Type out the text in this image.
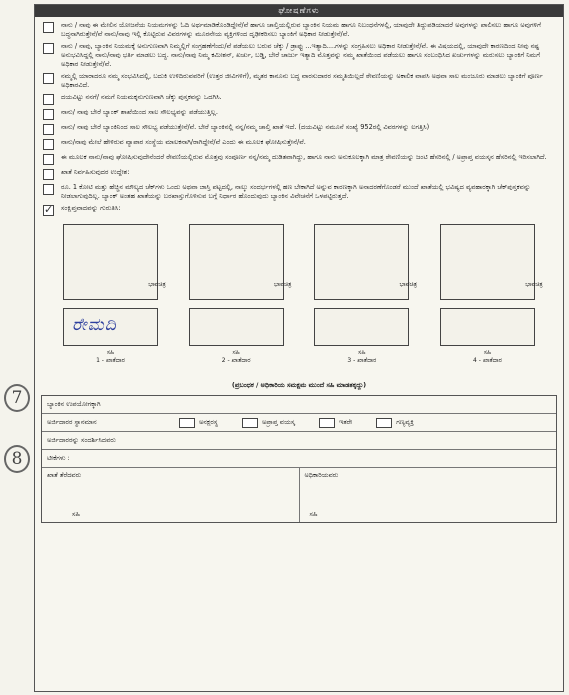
7
8
ಘೋಷಣೆಗಳು
ನಾನು / ನಾವು ಈ ಮೇಲಿನ ಯೋಜನೆಯ ನಿಯಮಗಳನ್ನು ಓದಿ ಅರ್ಥಮಾಡಿಕೊಂಡಿದ್ದೇನೆ/ವೆ ಹಾಗೂ ಚಾಲ್ತಿಯಲ್ಲಿರುವ ಬ್ಯಾಂಕಿನ ನಿಯಮ ಹಾಗೂ ನಿಬಂಧನೆಗಳಲ್ಲಿ, ಯಾವುದೇ ತಿದ್ದುಪಡಿಯಾದರೆ ಅವುಗಳನ್ನು ಪಾಲಿಸಲು ಹಾಗೂ ಅವುಗಳಿಗೆ ಬದ್ಧನಾಗಿರುತ್ತೇನೆ/ವೆ ನಾನು/ನಾವು ಇಲ್ಲಿ ಕೊಟ್ಟಿರುವ ವಿವರಗಳನ್ನು ಮೂರನೇಯ ವ್ಯಕ್ತಿಗಳಿಂದ ದೃಢೀಕರಿಸಲು ಬ್ಯಾಂಕಿಗೆ ಅಧಿಕಾರ ನೀಡುತ್ತೇನೆ/ವೆ.
ನಾನು / ನಾವು, ಬ್ಯಾಂಕಿನ ನಿಯಮಕ್ಕೆ ಅನುಗುಣವಾಗಿ ನಿಮ್ಮಲ್ಲಿಗೆ ಸಂಗ್ರಹಣೆಗೆಂದು/ವೆ ಪಡೆಯಲು ಬರುವ ಚೆಕ್ಕು / ಡ್ರಾಫ್ಟು ...ಇತ್ಯಾದಿ....ಗಳನ್ನು ಸಂಗ್ರಹಿಸಲು ಅಧಿಕಾರ ನೀಡುತ್ತೇನೆ/ವೆ. ಈ ವಿಷಯದಲ್ಲಿ, ಯಾವುದೇ ಕಾರಣದಿಂದ ನೀವು ನಷ್ಟ ಅನುಭವಿಸಿದ್ದಲ್ಲಿ ನಾನು/ನಾವು ಭರ್ತಿ ಮಾಡಲು ಬದ್ಧ. ನಾನು/ನಾವು ನಿಮ್ಮ ಕಮೀಶನ್, ಖರ್ಚು, ಬಡ್ಡಿ, ಬೇರೆ ಚಾರ್ಜು ಇತ್ಯಾದಿ ಮೊತ್ತವನ್ನು ನಮ್ಮ ಖಾತೆಯಿಂದ ಪಡೆಯಲು ಹಾಗೂ ಸಂಬಂಧಿಸಿದ ಖರ್ಚುಗಳನ್ನು ಮರುಸಲು ಬ್ಯಾಂಕಿಗೆ ನಿಮಗೆ ಅಧಿಕಾರ ನೀಡುತ್ತೇನೆ/ವೆ.
ನಮ್ಮಲ್ಲಿ ಯಾರಾದರೂ ನಮ್ಮ ಸಂಭವಿಸಿದಲ್ಲಿ, ಬದುಕಿ ಉಳಿದಿರುವವರಿಗೆ (ಉತ್ತರ ಜೀವಿಗಳಿಗೆ), ಮೃತರ ಕಾನೂನು ಬದ್ಧ ವಾರಸುದಾರರ ಸಮ್ಮತಿಯಿಲ್ಲದೆ ಠೇವಣಿಯನ್ನು ಅಕಾಲಿಕ ವಾಪಸಿ ಅಥವಾ ಸಾಲ ಮಂಜೂರು ಮಾಡಲು ಬ್ಯಾಂಕಿಗೆ ಪೂರ್ಣ ಅಧಿಕಾರವಿದೆ.
ದಯವಿಟ್ಟು ನನಗೆ/ ನಮಗೆ ನಿಯಮಕ್ಕನುಗುಣವಾಗಿ ಚೆಕ್ಕು ಪುಸ್ತಕವನ್ನು ಒದಗಿಸಿ.
ನಾನು/ ನಾವು ಬೇರೆ ಬ್ಯಾಂಕ್ ಶಾಖೆಯಿಂದ ಸಾಲ ಸೌಲಭ್ಯವನ್ನು ಪಡೆಯುತ್ತಿಲ್ಲ.
ನಾನು/ ನಾವು ಬೇರೆ ಬ್ಯಾಂಕಿನಿಂದ ಸಾಲ ಸೌಲಭ್ಯ ಪಡೆಯುತ್ತೇನೆ/ವೆ. ಬೇರೆ ಬ್ಯಾಂಕಿನಲ್ಲಿ ನನ್ನ/ನಮ್ಮ ಚಾಲ್ತಿ ಖಾತೆ ಇದೆ. (ದಯವಿಟ್ಟು ನಮೂನೆ ಸಂಖ್ಯೆ 952ರಲ್ಲಿ ವಿವರಗಳನ್ನು ಲಗತ್ತಿಸಿ)
ನಾನು/ನಾವು ಮೇಲೆ ಹೇಳಿರುವ ವ್ಯಾಪಾರ ಸಂಸ್ಥೆಯ ಮಾಲಕನಾಗಿ/ರಾಗಿದ್ದೇನೆ/ವೆ ಎಂದು ಈ ಮೂಲಕ ಘೋಷಿಸುತ್ತೇನೆ/ವೆ.
ಈ ಮೂಲಕ ನಾನು/ನಾವು ಘೋಷಿಸುವುದೇನೆಂದರೆ ಠೇವಣಿಯಲ್ಲಿರುವ ಮೊತ್ತವು ಸಂಪೂರ್ಣ ನನ್ನ/ನಮ್ಮ ದುಡಿತವಾಗಿದ್ದು, ಹಾಗೂ ನಾನು ಅನುಕೂಲಕ್ಕಾಗಿ ಮಾತ್ರ ಠೇವಣಿಯನ್ನು ಜಂಟಿ ಹೆಸರಿನಲ್ಲಿ / ಅಪ್ರಾಪ್ತ ವಯಸ್ಕನ ಹೆಸರಿನಲ್ಲಿ ಇರಿಸಲಾಗಿದೆ.
ಖಾತೆ ನಿರ್ವಹಿಸುವುದರ ಉದ್ದೇಶ:
ರೂ. 1 ಕೋಟಿ ಮತ್ತು ಹೆಚ್ಚಿನ ಮೌಲ್ಯದ ಚೆಕ್‌ಗಳು ಒಂದು ಅಥವಾ ಜಾಸ್ತಿ ಪಟ್ಟದಲ್ಲಿ, ನಾಲ್ಕು ಸಂದರ್ಭಗಳಲ್ಲಿ ಹಣ ಬೇಕಾಗಿದೆ ಅನ್ನುವ ಕಾರಣಕ್ಕಾಗಿ ಅನಾದರಣೆಗೊಂಡರೆ ಮುಂದೆ ಖಾತೆಯಲ್ಲಿ ಭವಿಷ್ಯದ ವ್ಯವಹಾರಕ್ಕಾಗಿ ಚೆಕ್‌ಪುಸ್ತಕವನ್ನು ನೀಡಲಾಗುವುದಿಲ್ಲ. ಬ್ಯಾಂಕ್ ಅಂತಹ ಖಾತೆಯನ್ನು ಬರಖಾಸ್ತುಗೊಳಿಸುವ ಬಗ್ಗೆ ನಿರ್ಧಾರ ಹೊಂದುವುದು ಬ್ಯಾಂಕಿನ ವಿವೇಚನೆಗೆ ಒಳಪಟ್ಟಿರುತ್ತದೆ.
✓
ಸಂಕ್ಷಿಪ್ತವಾದವನ್ನು ಗುರುತಿಸಿ:
ಭಾವಚಿತ್ರ
ರೇಮದಿ
ಸಹಿ
1 - ಖಾತೆದಾರ
ಭಾವಚಿತ್ರ
ಸಹಿ
2 - ಖಾತೆದಾರ
ಭಾವಚಿತ್ರ
ಸಹಿ
3 - ಖಾತೆದಾರ
ಭಾವಚಿತ್ರ
ಸಹಿ
4 - ಖಾತೆದಾರ
(ಪ್ರಬಂಧಕ / ಅಧಿಕಾರಿಯ ಸಮಕ್ಷಮ ಮುಂದೆ ಸಹಿ ಮಾಡತಕ್ಕದ್ದು)
ಬ್ಯಾಂಕಿನ ಉಪಯೋಗಕ್ಕಾಗಿ
ಅರ್ಜಿದಾರರ ಸ್ಥಾನಮಾನ	ಅನಕ್ಷರಸ್ಥ	ಅಪ್ರಾಪ್ತ ವಯಸ್ಕ	ಇತರೇ	ಗಣ್ಯವ್ಯಕ್ತಿ
ಅರ್ಜಿದಾರರನ್ನು ಸಂದರ್ಶಿಸಿದವರು
ಟೀಕೆಗಳು :
ಖಾತೆ ತೆರೆದವರು
ಸಹಿ
ಅಧಿಕಾರಿಯವರು
ಸಹಿ
